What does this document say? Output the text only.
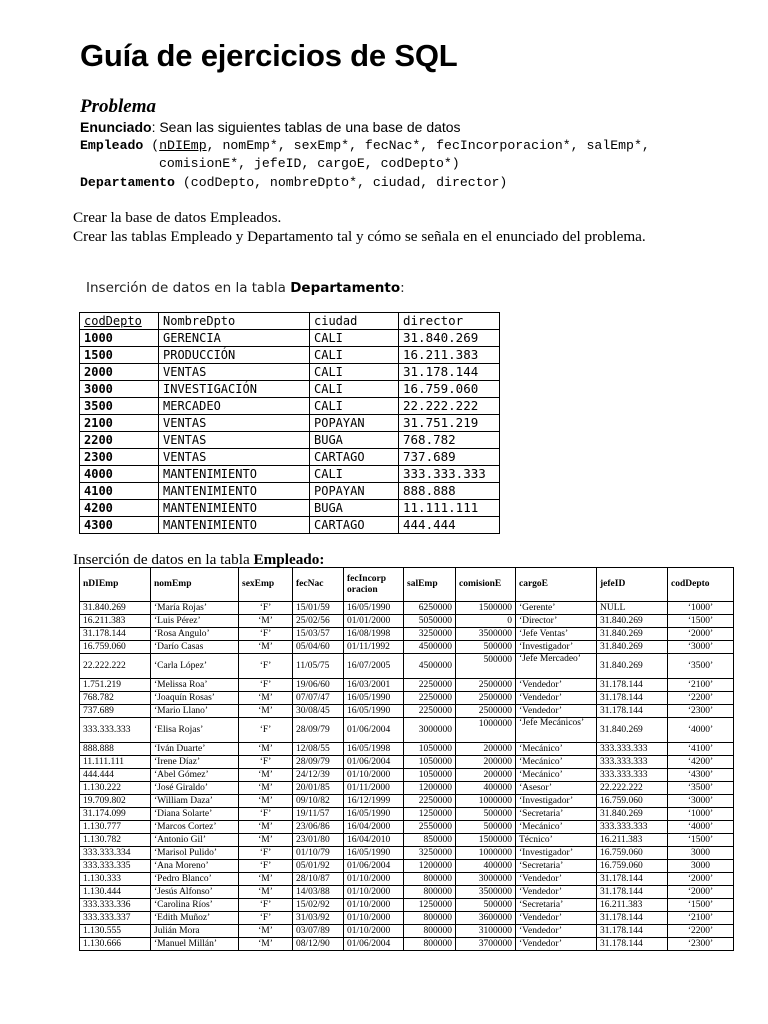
Guía de ejercicios de SQL
Problema
Enunciado: Sean las siguientes tablas de una base de datos
Empleado (nDIEmp, nomEmp*, sexEmp*, fecNac*, fecIncorporacion*, salEmp*,
comisionE*, jefeID, cargoE, codDepto*)
Departamento (codDepto, nombreDpto*, ciudad, director)
Crear la base de datos Empleados.
Crear las tablas Empleado y Departamento tal y cómo se señala en el enunciado del problema.
Inserción de datos en la tabla Departamento:
codDepto	NombreDpto	ciudad	director
1000	GERENCIA	CALI	31.840.269
1500	PRODUCCIÓN	CALI	16.211.383
2000	VENTAS	CALI	31.178.144
3000	INVESTIGACIÓN	CALI	16.759.060
3500	MERCADEO	CALI	22.222.222
2100	VENTAS	POPAYAN	31.751.219
2200	VENTAS	BUGA	768.782
2300	VENTAS	CARTAGO	737.689
4000	MANTENIMIENTO	CALI	333.333.333
4100	MANTENIMIENTO	POPAYAN	888.888
4200	MANTENIMIENTO	BUGA	11.111.111
4300	MANTENIMIENTO	CARTAGO	444.444
Inserción de datos en la tabla Empleado:
nDIEmp	nomEmp	sexEmp	fecNac	fecIncorp oracion	salEmp	comisionE	cargoE	jefeID	codDepto
31.840.269	‘María Rojas’	‘F’	15/01/59	16/05/1990	6250000	1500000	‘Gerente’	NULL	‘1000’
16.211.383	‘Luis Pérez’	‘M’	25/02/56	01/01/2000	5050000	0	‘Director’	31.840.269	‘1500’
31.178.144	‘Rosa Angulo’	‘F’	15/03/57	16/08/1998	3250000	3500000	‘Jefe Ventas’	31.840.269	‘2000’
16.759.060	‘Darío Casas	‘M’	05/04/60	01/11/1992	4500000	500000	‘Investigador’	31.840.269	‘3000’
22.222.222	‘Carla López’	‘F’	11/05/75	16/07/2005	4500000	500000	‘Jefe Mercadeo’	31.840.269	‘3500’
1.751.219	‘Melissa Roa’	‘F’	19/06/60	16/03/2001	2250000	2500000	‘Vendedor’	31.178.144	‘2100’
768.782	‘Joaquín Rosas’	‘M’	07/07/47	16/05/1990	2250000	2500000	‘Vendedor’	31.178.144	‘2200’
737.689	‘Mario Llano’	‘M’	30/08/45	16/05/1990	2250000	2500000	‘Vendedor’	31.178.144	‘2300’
333.333.333	‘Elisa Rojas’	‘F’	28/09/79	01/06/2004	3000000	1000000	‘Jefe Mecánicos’	31.840.269	‘4000’
888.888	‘Iván Duarte’	‘M’	12/08/55	16/05/1998	1050000	200000	‘Mecánico’	333.333.333	‘4100’
11.111.111	‘Irene Díaz’	‘F’	28/09/79	01/06/2004	1050000	200000	‘Mecánico’	333.333.333	‘4200’
444.444	‘Abel Gómez’	‘M’	24/12/39	01/10/2000	1050000	200000	‘Mecánico’	333.333.333	‘4300’
1.130.222	‘José Giraldo’	‘M’	20/01/85	01/11/2000	1200000	400000	‘Asesor’	22.222.222	‘3500’
19.709.802	‘William Daza’	‘M’	09/10/82	16/12/1999	2250000	1000000	‘Investigador’	16.759.060	‘3000’
31.174.099	‘Diana Solarte’	‘F’	19/11/57	16/05/1990	1250000	500000	‘Secretaria’	31.840.269	‘1000’
1.130.777	‘Marcos Cortez’	‘M’	23/06/86	16/04/2000	2550000	500000	‘Mecánico’	333.333.333	‘4000’
1.130.782	‘Antonio Gil’	‘M’	23/01/80	16/04/2010	850000	1500000	Técnico’	16.211.383	‘1500’
333.333.334	‘Marisol Pulido’	‘F’	01/10/79	16/05/1990	3250000	1000000	‘Investigador’	16.759.060	3000
333.333.335	‘Ana Moreno’	‘F’	05/01/92	01/06/2004	1200000	400000	‘Secretaria’	16.759.060	3000
1.130.333	‘Pedro Blanco’	‘M’	28/10/87	01/10/2000	800000	3000000	‘Vendedor’	31.178.144	‘2000’
1.130.444	‘Jesús Alfonso’	‘M’	14/03/88	01/10/2000	800000	3500000	‘Vendedor’	31.178.144	‘2000’
333.333.336	‘Carolina Ríos’	‘F’	15/02/92	01/10/2000	1250000	500000	‘Secretaria’	16.211.383	‘1500’
333.333.337	‘Edith Muñoz’	‘F’	31/03/92	01/10/2000	800000	3600000	‘Vendedor’	31.178.144	‘2100’
1.130.555	Julián Mora	‘M’	03/07/89	01/10/2000	800000	3100000	‘Vendedor’	31.178.144	‘2200’
1.130.666	‘Manuel Millán’	‘M’	08/12/90	01/06/2004	800000	3700000	‘Vendedor’	31.178.144	‘2300’
